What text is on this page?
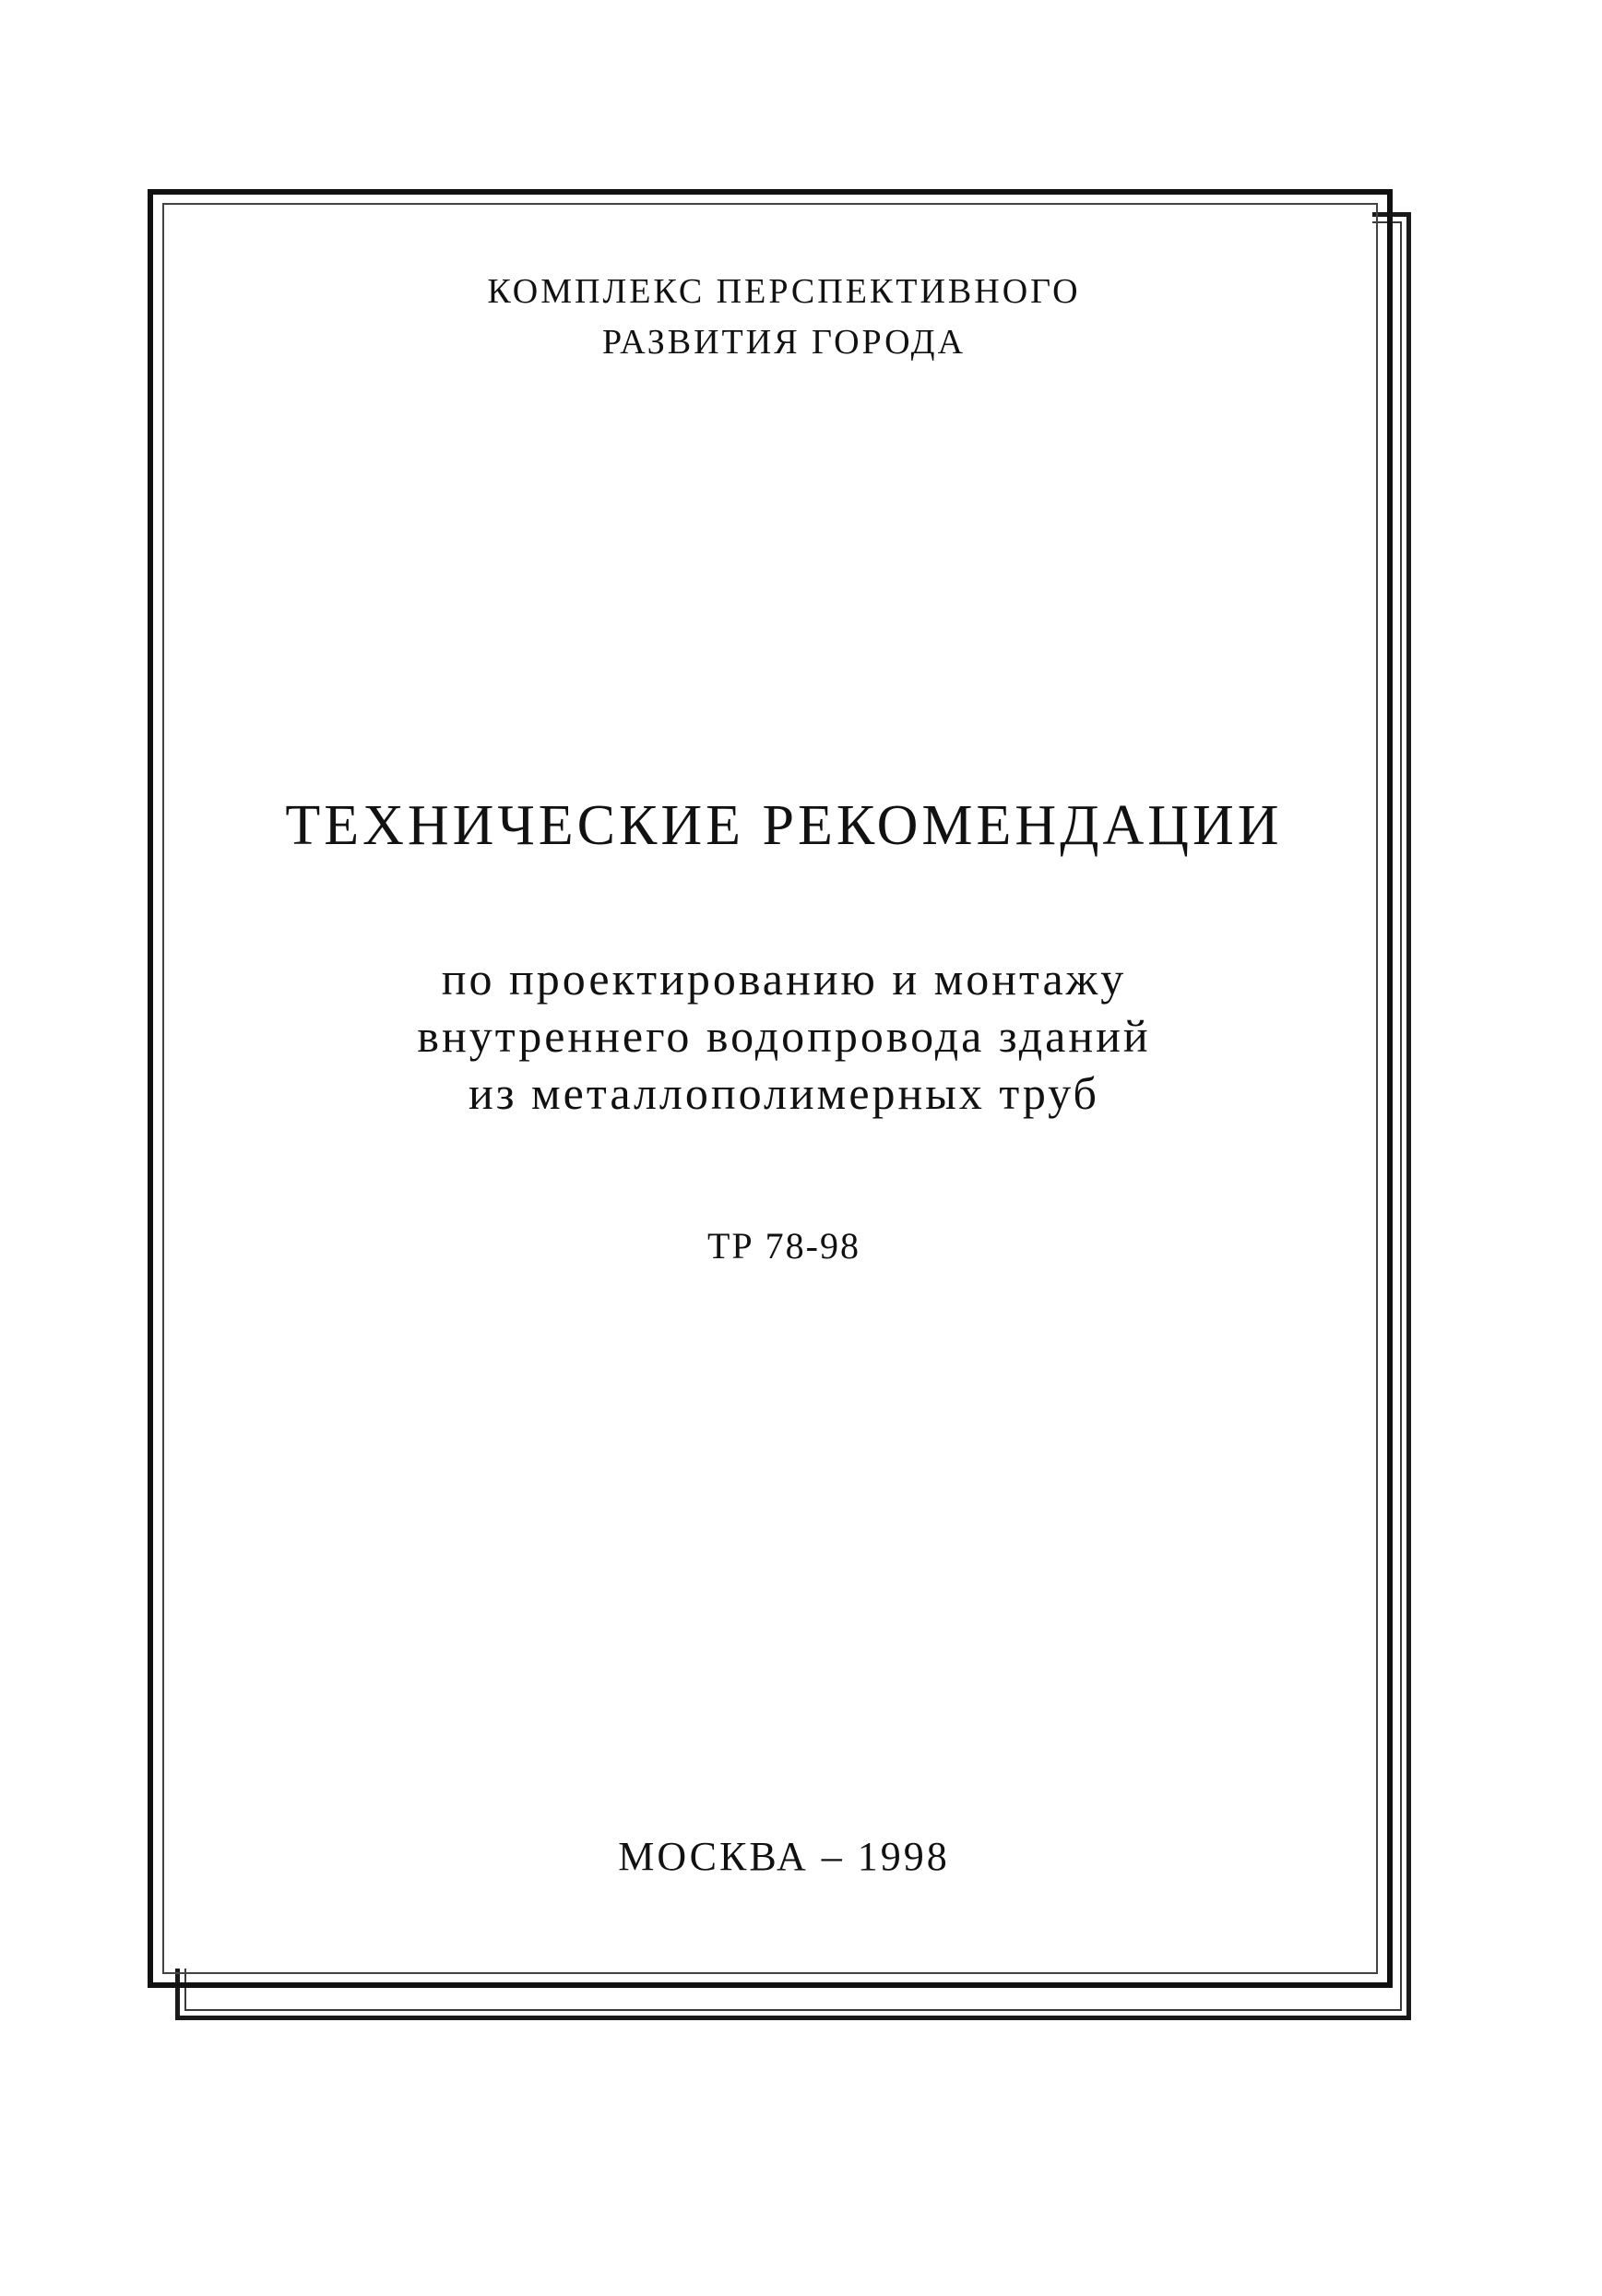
КОМПЛЕКС ПЕРСПЕКТИВНОГО

РАЗВИТИЯ ГОРОДА

ТЕХНИЧЕСКИЕ РЕКОМЕНДАЦИИ

по проектированию и монтажу

внутреннего водопровода зданий

из металлополимерных труб

ТР 78-98

МОСКВА – 1998
